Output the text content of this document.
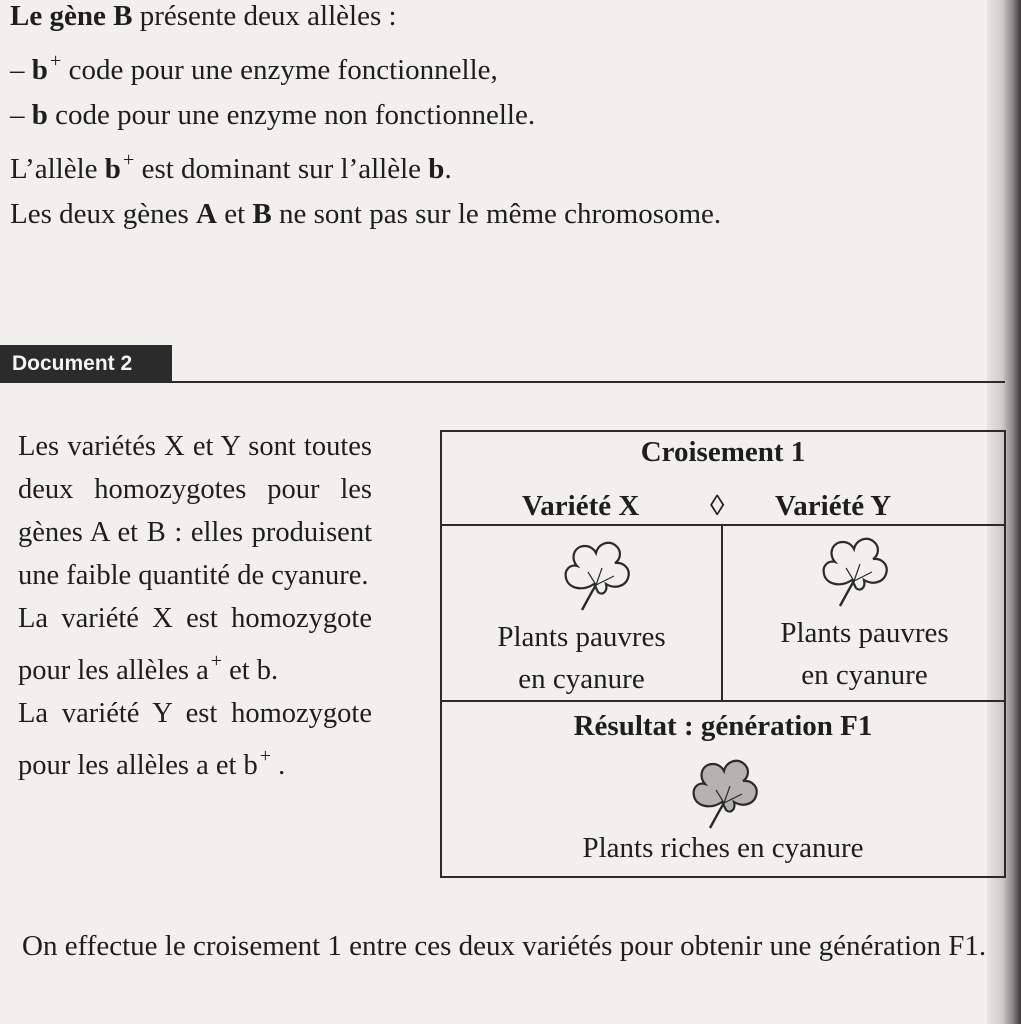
Le gène B présente deux allèles :

– b+ code pour une enzyme fonctionnelle,

– b code pour une enzyme non fonctionnelle.

L’allèle b+ est dominant sur l’allèle b.

Les deux gènes A et B ne sont pas sur le même chromosome.

Document 2

Les variétés X et Y sont toutes deux homozygotes pour les gènes A et B : elles produisent une faible quantité de cyanure.

La variété X est homozygote pour les allèles a + et b.

La variété Y est homozygote pour les allèles a et b + .

Croisement 1
Variété X ◊ Variété Y
Plants pauvres
en cyanure
Plants pauvres
en cyanure
Résultat : génération F1
Plants riches en cyanure

On effectue le croisement 1 entre ces deux variétés pour obtenir une génération F1.
